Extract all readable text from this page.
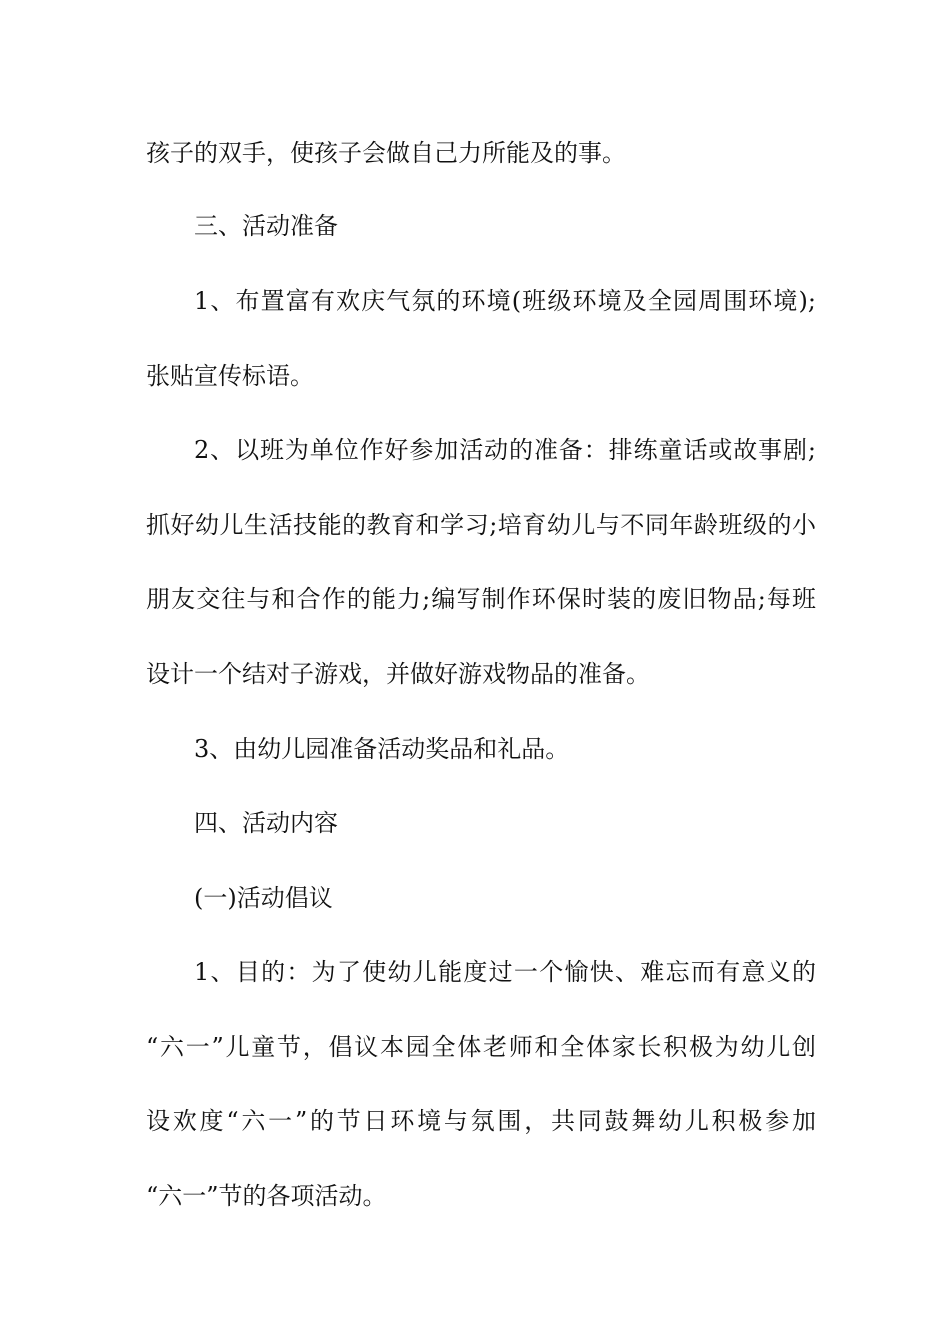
孩子的双手，使孩子会做自己力所能及的事。
三、活动准备
1、布置富有欢庆气氛的环境(班级环境及全园周围环境);
张贴宣传标语。
2、以班为单位作好参加活动的准备：排练童话或故事剧;
抓好幼儿生活技能的教育和学习;培育幼儿与不同年龄班级的小
朋友交往与和合作的能力;编写制作环保时装的废旧物品;每班
设计一个结对子游戏，并做好游戏物品的准备。
3、由幼儿园准备活动奖品和礼品。
四、活动内容
(一)活动倡议
1、目的：为了使幼儿能度过一个愉快、难忘而有意义的
“六一”儿童节，倡议本园全体老师和全体家长积极为幼儿创
设欢度“六一”的节日环境与氛围，共同鼓舞幼儿积极参加
“六一”节的各项活动。
